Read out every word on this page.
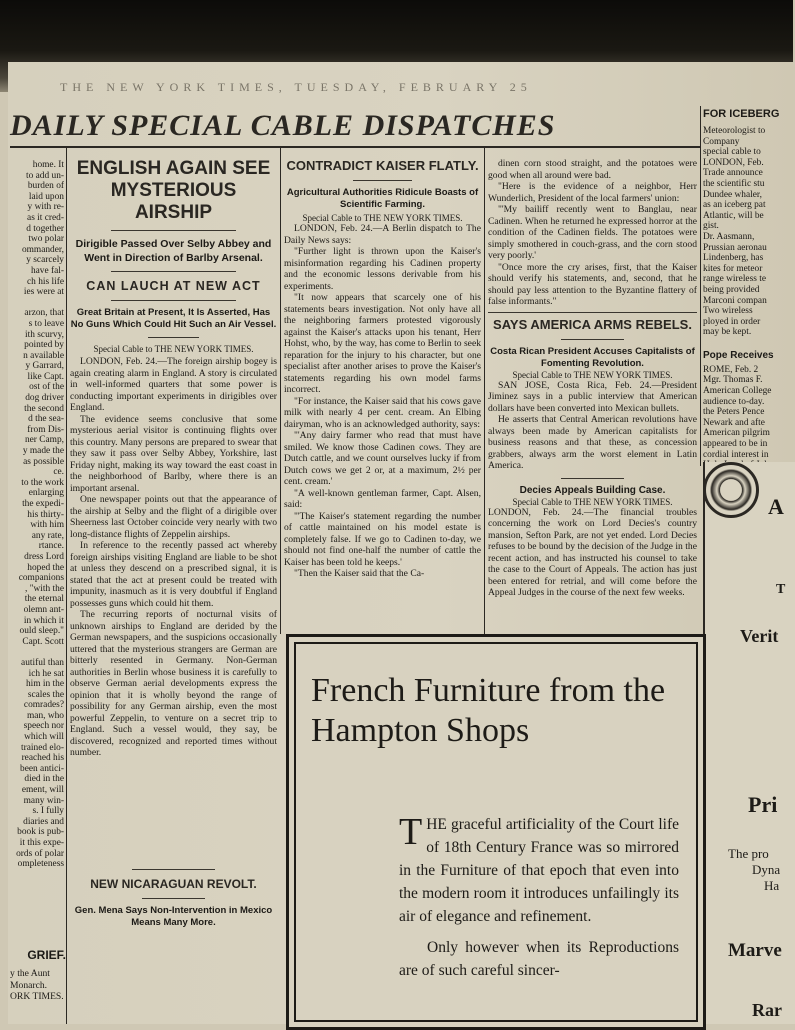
THE NEW YORK TIMES, TUESDAY, FEBRUARY 25
DAILY SPECIAL CABLE DISPATCHES

home. It

to add un-

burden of

laid upon

y with re-

as it cred-

d together

two polar

ommander,

y scarcely

have fal-

ch his life

ies were at

arzon, that

s to leave

ith scurvy,

pointed by

n available

y Garrard,

like Capt.

ost of the

dog driver

the second

d the sea-

from Dis-

ner Camp,

y made the

as possible

ce.

to the work

enlarging

the expedi-

his thirty-

with him

any rate,

rtance.

dress Lord

hoped the

companions

, "with the

the eternal

olemn ant-

in which it

ould sleep."

Capt. Scott

autiful than

ich he sat

him in the

scales the

comrades?

man, who

speech nor

which will

trained elo-

reached his

been antici-

died in the

ement, will

many win-

s. I fully

diaries and

book is pub-

it this expe-

ords of polar

ompleteness

GRIEF.

y the Aunt

Monarch.

ORK TIMES.

ENGLISH AGAIN SEE MYSTERIOUS AIRSHIP
Dirigible Passed Over Selby Abbey and Went in Direction of Barlby Arsenal.
CAN LAUCH AT NEW ACT
Great Britain at Present, It Is Asserted, Has No Guns Which Could Hit Such an Air Vessel.
Special Cable to THE NEW YORK TIMES.

LONDON, Feb. 24.—The foreign airship bogey is again creating alarm in England. A story is circulated in well-informed quarters that some power is conducting important experiments in dirigibles over England.

The evidence seems conclusive that some mysterious aerial visitor is continuing flights over this country. Many persons are prepared to swear that they saw it pass over Selby Abbey, Yorkshire, last Friday night, making its way toward the east coast in the neighborhood of Barlby, where there is an important arsenal.

One newspaper points out that the appearance of the airship at Selby and the flight of a dirigible over Sheerness last October coincide very nearly with two long-distance flights of Zeppelin airships.

In reference to the recently passed act whereby foreign airships visiting England are liable to be shot at unless they descend on a prescribed signal, it is stated that the act at present could be treated with impunity, inasmuch as it is very doubtful if England possesses guns which could hit them.

The recurring reports of nocturnal visits of unknown airships to England are derided by the German newspapers, and the suspicions occasionally uttered that the mysterious strangers are German are bitterly resented in Germany. Non-German authorities in Berlin whose business it is carefully to observe German aerial developments express the opinion that it is wholly beyond the range of possibility for any German airship, even the most powerful Zeppelin, to venture on a secret trip to England. Such a vessel would, they say, be discovered, recognized and reported times without number.

NEW NICARAGUAN REVOLT.
Gen. Mena Says Non-Intervention in Mexico Means Many More.
CONTRADICT KAISER FLATLY.
Agricultural Authorities Ridicule Boasts of Scientific Farming.
Special Cable to THE NEW YORK TIMES.

LONDON, Feb. 24.—A Berlin dispatch to The Daily News says:

"Further light is thrown upon the Kaiser's misinformation regarding his Cadinen property and the economic lessons derivable from his experiments.

"It now appears that scarcely one of his statements bears investigation. Not only have all the neighboring farmers protested vigorously against the Kaiser's attacks upon his tenant, Herr Hohst, who, by the way, has come to Berlin to seek reparation for the injury to his character, but one specialist after another arises to prove the Kaiser's statements regarding his own model farms incorrect.

"For instance, the Kaiser said that his cows gave milk with nearly 4 per cent. cream. An Elbing dairyman, who is an acknowledged authority, says:

"'Any dairy farmer who read that must have smiled. We know those Cadinen cows. They are Dutch cattle, and we count ourselves lucky if from Dutch cows we get 2 or, at a maximum, 2½ per cent. cream.'

"A well-known gentleman farmer, Capt. Alsen, said:

"'The Kaiser's statement regarding the number of cattle maintained on his model estate is completely false. If we go to Cadinen to-day, we should not find one-half the number of cattle the Kaiser has been told he keeps.'

"Then the Kaiser said that the Ca-

dinen corn stood straight, and the potatoes were good when all around were bad.

"Here is the evidence of a neighbor, Herr Wunderlich, President of the local farmers' union:

"'My bailiff recently went to Banglau, near Cadinen. When he returned he expressed horror at the condition of the Cadinen fields. The potatoes were simply smothered in couch-grass, and the corn stood very poorly.'

"Once more the cry arises, first, that the Kaiser should verify his statements, and, second, that he should pay less attention to the Byzantine flattery of false informants."

SAYS AMERICA ARMS REBELS.
Costa Rican President Accuses Capitalists of Fomenting Revolution.
Special Cable to THE NEW YORK TIMES.

SAN JOSE, Costa Rica, Feb. 24.—President Jiminez says in a public interview that American dollars have been converted into Mexican bullets.

He asserts that Central American revolutions have always been made by American capitalists for business reasons and that these, as concession grabbers, always arm the worst element in Latin America.

Decies Appeals Building Case.
Special Cable to THE NEW YORK TIMES.

LONDON, Feb. 24.—The financial troubles concerning the work on Lord Decies's country mansion, Sefton Park, are not yet ended. Lord Decies refuses to be bound by the decision of the Judge in the recent action, and has instructed his counsel to take the case to the Court of Appeals. The action has just been entered for retrial, and will come before the Appeal Judges in the course of the next few weeks.

FOR ICEBERG

Meteorologist to

Company

special cable to

LONDON, Feb.

Trade announce

the scientific stu

Dundee whaler,

as an iceberg pat

Atlantic, will be

gist.

Dr. Aasmann,

Prussian aeronau

Lindenberg, has

kites for meteor

range wireless te

being provided

Marconi compan

Two wireless

ployed in order

may be kept.

Pope Receives

ROME, Feb. 2

Mgr. Thomas F.

American College

audience to-day.

the Peters Pence

Newark and afte

American pilgrim

appeared to be in

cordial interest in

A
T
Verit
Pri
The pro
Dyna
Ha
Marve
Rar
French Furniture from the Hampton Shops

THE graceful artificiality of the Court life of 18th Century France was so mirrored in the Furniture of that epoch that even into the modern room it introduces unfailingly its air of elegance and refinement.

Only however when its Reproductions are of such careful sincer-
